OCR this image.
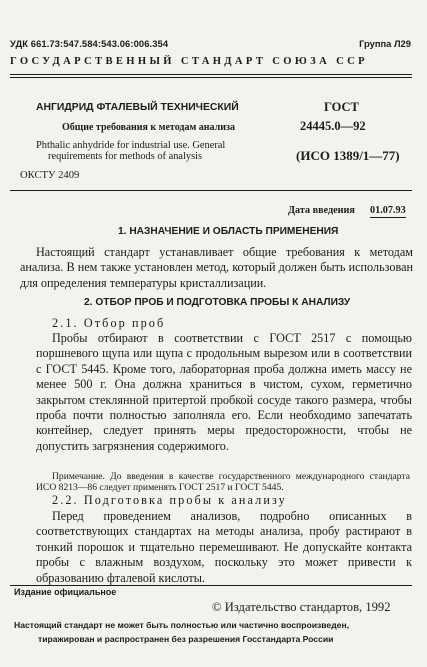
УДК 661.73:547.584:543.06:006.354	Группа Л29
ГОСУДАРСТВЕННЫЙ СТАНДАРТ СОЮЗА ССР
АНГИДРИД ФТАЛЕВЫЙ ТЕХНИЧЕСКИЙ
Общие требования к методам анализа
Phthalic anhydride for industrial use. General
requirements for methods of analysis
ГОСТ
24445.0—92
(ИСО 1389/1—77)
ОКСТУ 2409
Дата введения 01.07.93
1. НАЗНАЧЕНИЕ И ОБЛАСТЬ ПРИМЕНЕНИЯ
Настоящий стандарт устанавливает общие требования к методам анализа. В нем также установлен метод, который должен быть использован для определения температуры кристаллизации.
2. ОТБОР ПРОБ И ПОДГОТОВКА ПРОБЫ К АНАЛИЗУ
2.1. Отбор проб
Пробы отбирают в соответствии с ГОСТ 2517 с помощью поршневого щупа или щупа с продольным вырезом или в соответствии с ГОСТ 5445. Кроме того, лабораторная проба должна иметь массу не менее 500 г. Она должна храниться в чистом, сухом, герметично закрытом стеклянной притертой пробкой сосуде такого размера, чтобы проба почти полностью заполняла его. Если необходимо запечатать контейнер, следует принять меры предосторожности, чтобы не допустить загрязнения содержимого.
Примечание. До введения в качестве государственного международного стандарта ИСО 8213—86 следует применять ГОСТ 2517 и ГОСТ 5445.
2.2. Подготовка пробы к анализу
Перед проведением анализов, подробно описанных в соответствующих стандартах на методы анализа, пробу растирают в тонкий порошок и тщательно перемешивают. Не допускайте контакта пробы с влажным воздухом, поскольку это может привести к образованию фталевой кислоты.
Издание официальное
© Издательство стандартов, 1992
Настоящий стандарт не может быть полностью или частично воспроизведен,
тиражирован и распространен без разрешения Госстандарта России
